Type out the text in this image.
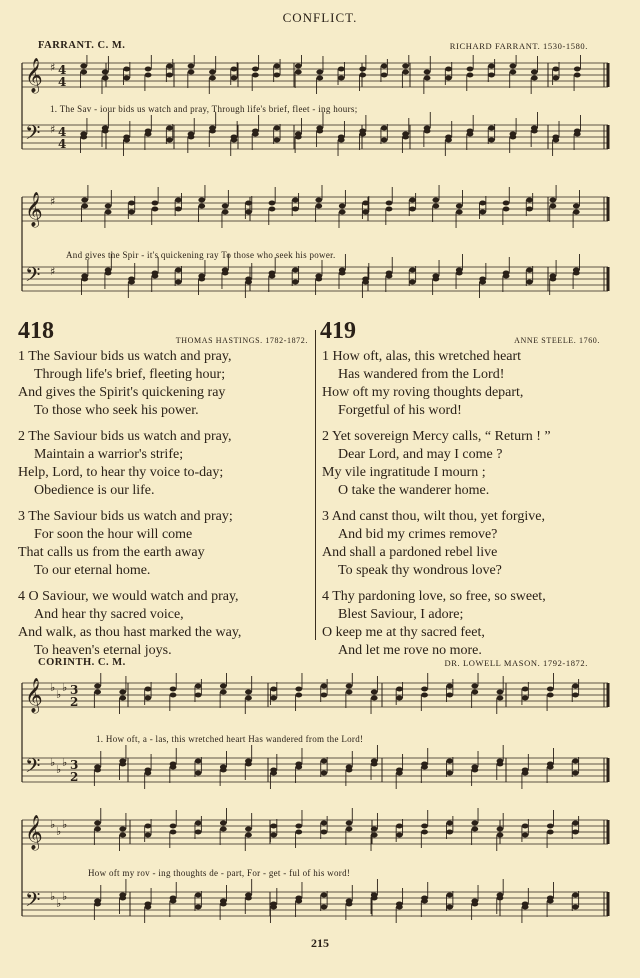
CONFLICT.
FARRANT. C. M.	RICHARD FARRANT. 1530-1580.
𝄞
𝄢
♯
♯
4
4
4
4
1. The Sav - iour bids us watch and pray, Through life's brief, fleet - ing hours;
𝄞
𝄢
♯
♯
And gives the Spir - it's quickening ray To those who seek his power.
418	THOMAS HASTINGS. 1782-1872.
1 The Saviour bids us watch and pray,
Through life's brief, fleeting hour;
And gives the Spirit's quickening ray
To those who seek his power.
2 The Saviour bids us watch and pray,
Maintain a warrior's strife;
Help, Lord, to hear thy voice to-day;
Obedience is our life.
3 The Saviour bids us watch and pray;
For soon the hour will come
That calls us from the earth away
To our eternal home.
4 O Saviour, we would watch and pray,
And hear thy sacred voice,
And walk, as thou hast marked the way,
To heaven's eternal joys.
419	ANNE STEELE. 1760.
1 How oft, alas, this wretched heart
Has wandered from the Lord!
How oft my roving thoughts depart,
Forgetful of his word!
2 Yet sovereign Mercy calls, “ Return ! ”
Dear Lord, and may I come ?
My vile ingratitude I mourn ;
O take the wanderer home.
3 And canst thou, wilt thou, yet forgive,
And bid my crimes remove?
And shall a pardoned rebel live
To speak thy wondrous love?
4 Thy pardoning love, so free, so sweet,
Blest Saviour, I adore;
O keep me at thy sacred feet,
And let me rove no more.
CORINTH. C. M.	DR. LOWELL MASON. 1792-1872.
𝄞
𝄢
♭
♭
♭
♭
♭
♭
3
2
3
2
1. How oft, a - las, this wretched heart Has wandered from the Lord!
𝄞
𝄢
♭
♭
♭
♭
♭
♭
How oft my rov - ing thoughts de - part, For - get - ful of his word!
215
